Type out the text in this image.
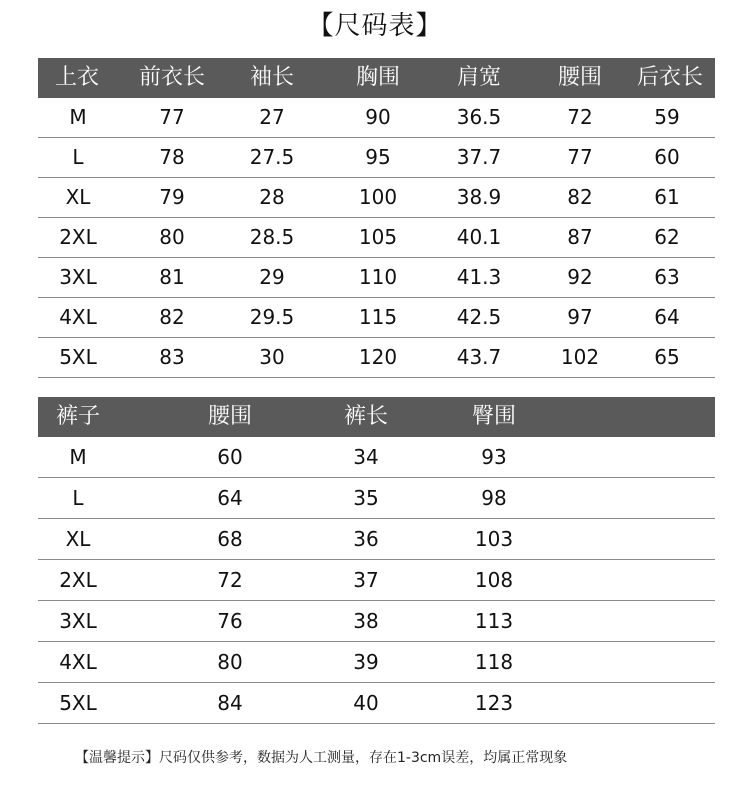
【尺码表】
上衣	前衣长	袖长	胸围	肩宽	腰围	后衣长
M	77	27	90	36.5	72	59
L	78	27.5	95	37.7	77	60
XL	79	28	100	38.9	82	61
2XL	80	28.5	105	40.1	87	62
3XL	81	29	110	41.3	92	63
4XL	82	29.5	115	42.5	97	64
5XL	83	30	120	43.7	102	65
裤子	腰围	裤长	臀围
M	60	34	93
L	64	35	98
XL	68	36	103
2XL	72	37	108
3XL	76	38	113
4XL	80	39	118
5XL	84	40	123
【温馨提示】尺码仅供参考，数据为人工测量，存在1-3cm误差，均属正常现象
